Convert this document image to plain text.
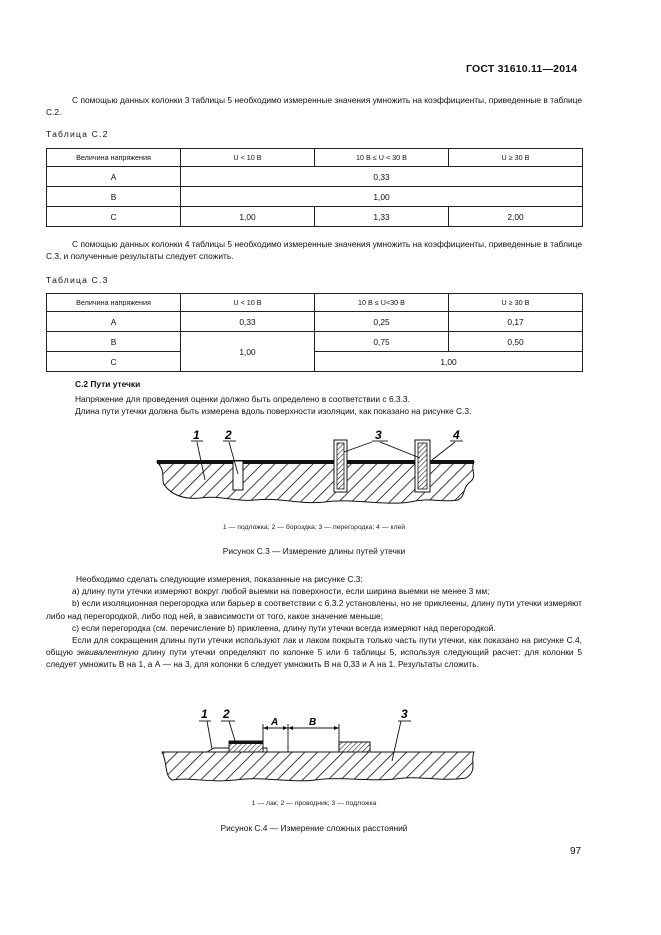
ГОСТ 31610.11—2014
С помощью данных колонки 3 таблицы 5 необходимо измеренные значения умножить на коэффициенты, приведенные в таблице С.2.
Таблица С.2
Величина напряжения	U < 10 В	10 В ≤ U < 30 В	U ≥ 30 В
А	0,33		
В	1,00		
С	1,00	1,33	2,00
С помощью данных колонки 4 таблицы 5 необходимо измеренные значения умножить на коэффициенты, приведенные в таблице С.3, и полученные результаты следует сложить.
Таблица С.3
Величина напряжения	U < 10 В	10 В ≤ U<30 В	U ≥ 30 В
А	0,33	0,25	0,17
В	1,00	0,75	0,50
С		1,00	
С.2 Пути утечки
Напряжение для проведения оценки должно быть определено в соответствии с 6.3.3.
Длина пути утечки должна быть измерена вдоль поверхности изоляции, как показано на рисунке С.3.
1 2	3	4
A	B
1 2	3
1 — подложка; 2 — бороздка; 3 — перегородка; 4 — клей
Рисунок С.3 — Измерение длины путей утечки
Необходимо сделать следующие измерения, показанные на рисунке С.3:
a) длину пути утечки измеряют вокруг любой выемки на поверхности, если ширина выемки не менее 3 мм;
b) если изоляционная перегородка или барьер в соответствии с 6.3.2 установлены, но не приклеены, длину пути утечки измеряют либо над перегородкой, либо под ней, в зависимости от того, какое значение меньше;
c) если перегородка (см. перечисление b) приклеена, длину пути утечки всегда измеряют над перегородкой.
Если для сокращения длины пути утечки используют лак и лаком покрыта только часть пути утечки, как показано на рисунке С.4, общую эквивалентную длину пути утечки определяют по колонке 5 или 6 таблицы 5, используя следующий расчет: для колонки 5 следует умножить В на 1, а А — на 3, для колонки 6 следует умножить В на 0,33 и А на 1. Результаты сложить.
1 — лак; 2 — проводник; 3 — подложка
Рисунок С.4 — Измерение сложных расстояний
97
